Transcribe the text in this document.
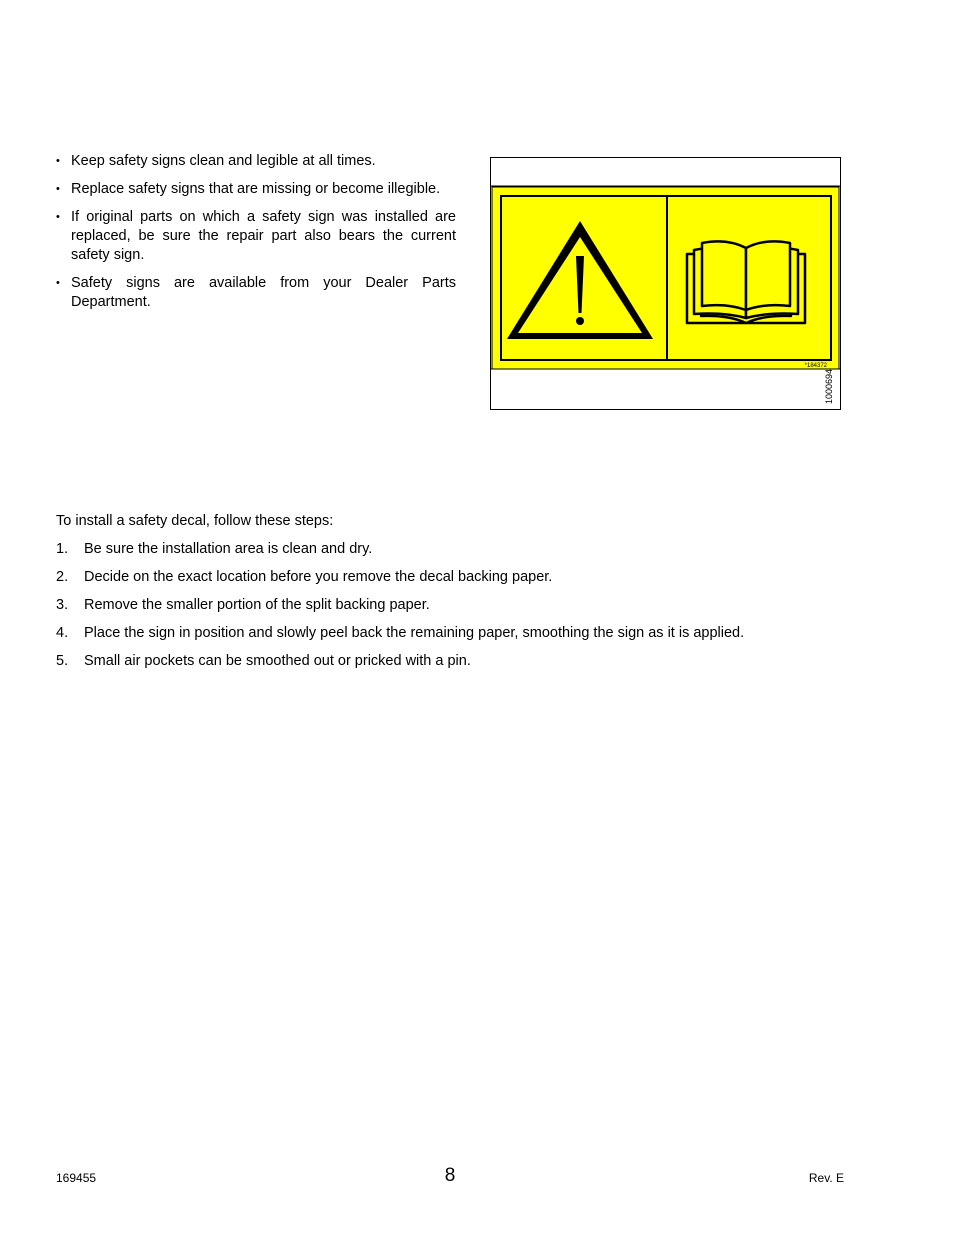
• Keep safety signs clean and legible at all times.
• Replace safety signs that are missing or become illegible.
• If original parts on which a safety sign was installed are replaced, be sure the repair part also bears the current safety sign.
• Safety signs are available from your Dealer Parts Department.
*184372
1000694
To install a safety decal, follow these steps:
1. Be sure the installation area is clean and dry.
2. Decide on the exact location before you remove the decal backing paper.
3. Remove the smaller portion of the split backing paper.
4. Place the sign in position and slowly peel back the remaining paper, smoothing the sign as it is applied.
5. Small air pockets can be smoothed out or pricked with a pin.
169455	8	Rev. E
